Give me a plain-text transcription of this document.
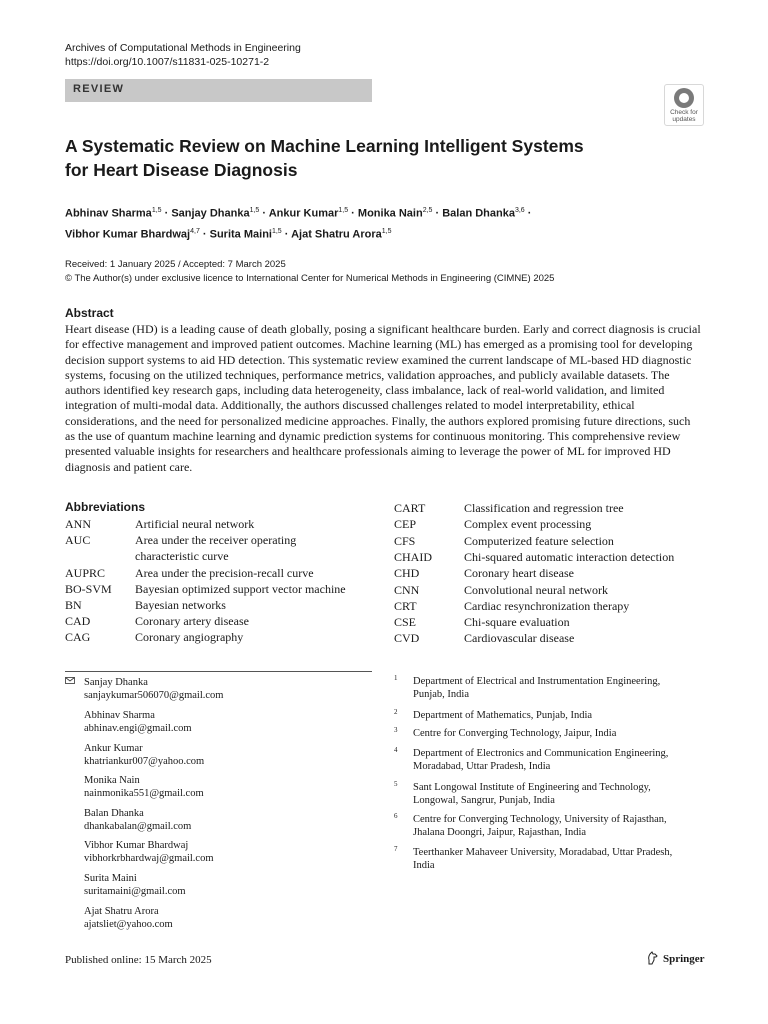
Archives of Computational Methods in Engineering
https://doi.org/10.1007/s11831-025-10271-2
REVIEW
Check for
updates
A Systematic Review on Machine Learning Intelligent Systems
for Heart Disease Diagnosis
Abhinav Sharma$^{1,5}$ · Sanjay Dhanka$^{1,5}$ · Ankur Kumar$^{1,5}$ · Monika Nain$^{2,5}$ · Balan Dhanka$^{3,6}$ ·
Vibhor Kumar Bhardwaj$^{4,7}$ · Surita Maini$^{1,5}$ · Ajat Shatru Arora$^{1,5}$
Received: 1 January 2025 / Accepted: 7 March 2025
© The Author(s) under exclusive licence to International Center for Numerical Methods in Engineering (CIMNE) 2025
Abstract
Heart disease (HD) is a leading cause of death globally, posing a significant healthcare burden. Early and correct diagnosis is crucial for effective management and improved patient outcomes. Machine learning (ML) has emerged as a promising tool for developing decision support systems to aid HD detection. This systematic review examined the current landscape of ML-based HD diagnostic systems, focusing on the utilized techniques, performance metrics, validation approaches, and publicly available datasets. The authors identified key research gaps, including data heterogeneity, class imbalance, lack of real-world validation, and limited integration of multi-modal data. Additionally, the authors discussed challenges related to model interpretability, ethical considerations, and the need for personalized medicine approaches. Finally, the authors explored promising future directions, such as the use of quantum machine learning and dynamic prediction systems for continuous monitoring. This comprehensive review presented valuable insights for researchers and healthcare professionals aiming to leverage the power of ML for improved HD diagnosis and patient care.
Abbreviations
ANN	Artificial neural network
AUC	Area under the receiver operating characteristic curve
AUPRC Area under the precision-recall curve
BO-SVM Bayesian optimized support vector machine
BN	Bayesian networks
CAD	Coronary artery disease
CAG	Coronary angiography
CART	Classification and regression tree
CEP	Complex event processing
CFS	Computerized feature selection
CHAID	Chi-squared automatic interaction detection
CHD	Coronary heart disease
CNN	Convolutional neural network
CRT	Cardiac resynchronization therapy
CSE	Chi-square evaluation
CVD	Cardiovascular disease
Sanjay Dhanka
sanjaykumar506070@gmail.com
Abhinav Sharma
abhinav.engi@gmail.com
Ankur Kumar
khatriankur007@yahoo.com
Monika Nain
nainmonika551@gmail.com
Balan Dhanka
dhankabalan@gmail.com
Vibhor Kumar Bhardwaj
vibhorkrbhardwaj@gmail.com
Surita Maini
suritamaini@gmail.com
Ajat Shatru Arora
ajatsliet@yahoo.com
1 Department of Electrical and Instrumentation Engineering, Punjab, India
2 Department of Mathematics, Punjab, India
3 Centre for Converging Technology, Jaipur, India
4 Department of Electronics and Communication Engineering, Moradabad, Uttar Pradesh, India
5 Sant Longowal Institute of Engineering and Technology, Longowal, Sangrur, Punjab, India
6 Centre for Converging Technology, University of Rajasthan, Jhalana Doongri, Jaipur, Rajasthan, India
7 Teerthanker Mahaveer University, Moradabad, Uttar Pradesh, India
Published online: 15 March 2025	Springer
